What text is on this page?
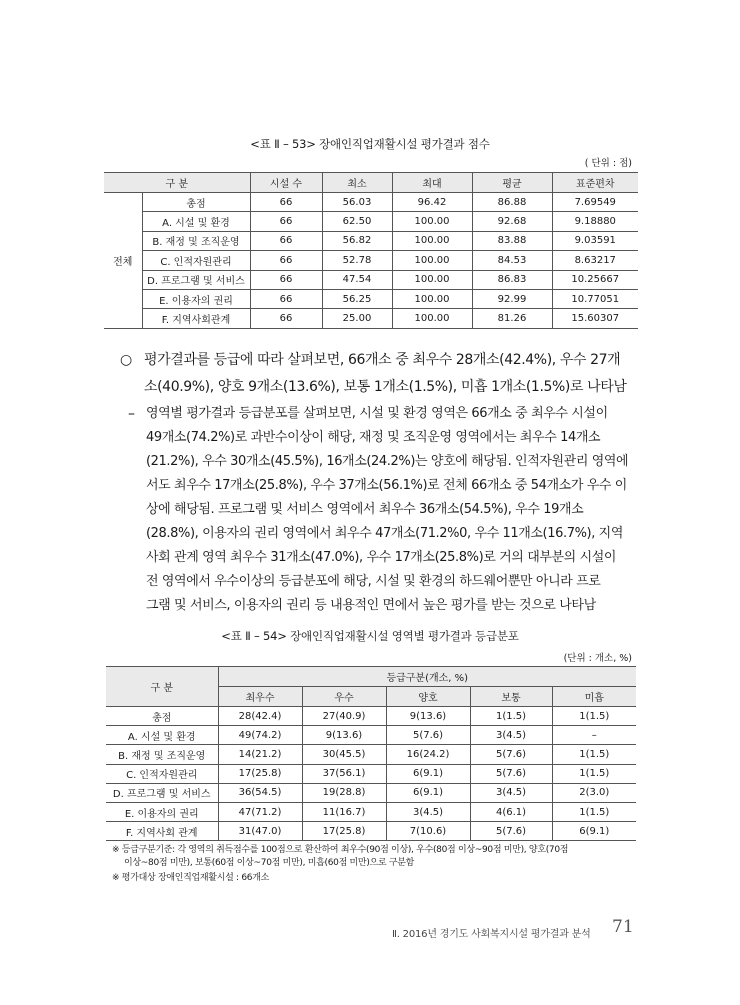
<표 Ⅱ – 53> 장애인직업재활시설 평가결과 점수
( 단위 : 점)
구 분		시설 수	최소	최대	평균	표준편차
전체	총점	66	56.03	96.42	86.88	7.69549
	A. 시설 및 환경	66	62.50	100.00	92.68	9.18880
	B. 재정 및 조직운영	66	56.82	100.00	83.88	9.03591
	C. 인적자원관리	66	52.78	100.00	84.53	8.63217
	D. 프로그램 및 서비스	66	47.54	100.00	86.83	10.25667
	E. 이용자의 권리	66	56.25	100.00	92.99	10.77051
	F. 지역사회관계	66	25.00	100.00	81.26	15.60307
○ 평가결과를 등급에 따라 살펴보면, 66개소 중 최우수 28개소(42.4%), 우수 27개
소(40.9%), 양호 9개소(13.6%), 보통 1개소(1.5%), 미흡 1개소(1.5%)로 나타남
– 영역별 평가결과 등급분포를 살펴보면, 시설 및 환경 영역은 66개소 중 최우수 시설이
49개소(74.2%)로 과반수이상이 해당, 재정 및 조직운영 영역에서는 최우수 14개소
(21.2%), 우수 30개소(45.5%), 16개소(24.2%)는 양호에 해당됨. 인적자원관리 영역에
서도 최우수 17개소(25.8%), 우수 37개소(56.1%)로 전체 66개소 중 54개소가 우수 이
상에 해당됨. 프로그램 및 서비스 영역에서 최우수 36개소(54.5%), 우수 19개소
(28.8%), 이용자의 권리 영역에서 최우수 47개소(71.2%0, 우수 11개소(16.7%), 지역
사회 관계 영역 최우수 31개소(47.0%), 우수 17개소(25.8%)로 거의 대부분의 시설이
전 영역에서 우수이상의 등급분포에 해당, 시설 및 환경의 하드웨어뿐만 아니라 프로
그램 및 서비스, 이용자의 권리 등 내용적인 면에서 높은 평가를 받는 것으로 나타남
<표 Ⅱ – 54> 장애인직업재활시설 영역별 평가결과 등급분포
(단위 : 개소, %)
구 분	등급구분(개소, %)				
	최우수	우수	양호	보통	미흡
총점	28(42.4)	27(40.9)	9(13.6)	1(1.5)	1(1.5)
A. 시설 및 환경	49(74.2)	9(13.6)	5(7.6)	3(4.5)	–
B. 재정 및 조직운영	14(21.2)	30(45.5)	16(24.2)	5(7.6)	1(1.5)
C. 인적자원관리	17(25.8)	37(56.1)	6(9.1)	5(7.6)	1(1.5)
D. 프로그램 및 서비스	36(54.5)	19(28.8)	6(9.1)	3(4.5)	2(3.0)
E. 이용자의 권리	47(71.2)	11(16.7)	3(4.5)	4(6.1)	1(1.5)
F. 지역사회 관계	31(47.0)	17(25.8)	7(10.6)	5(7.6)	6(9.1)
※ 등급구분기준: 각 영역의 취득점수를 100점으로 환산하여 최우수(90점 이상), 우수(80점 이상~90점 미만), 양호(70점
이상~80점 미만), 보통(60점 이상~70점 미만), 미흡(60점 미만)으로 구분함
※ 평가대상 장애인직업재활시설 : 66개소
Ⅱ. 2016년 경기도 사회복지시설 평가결과 분석 71
